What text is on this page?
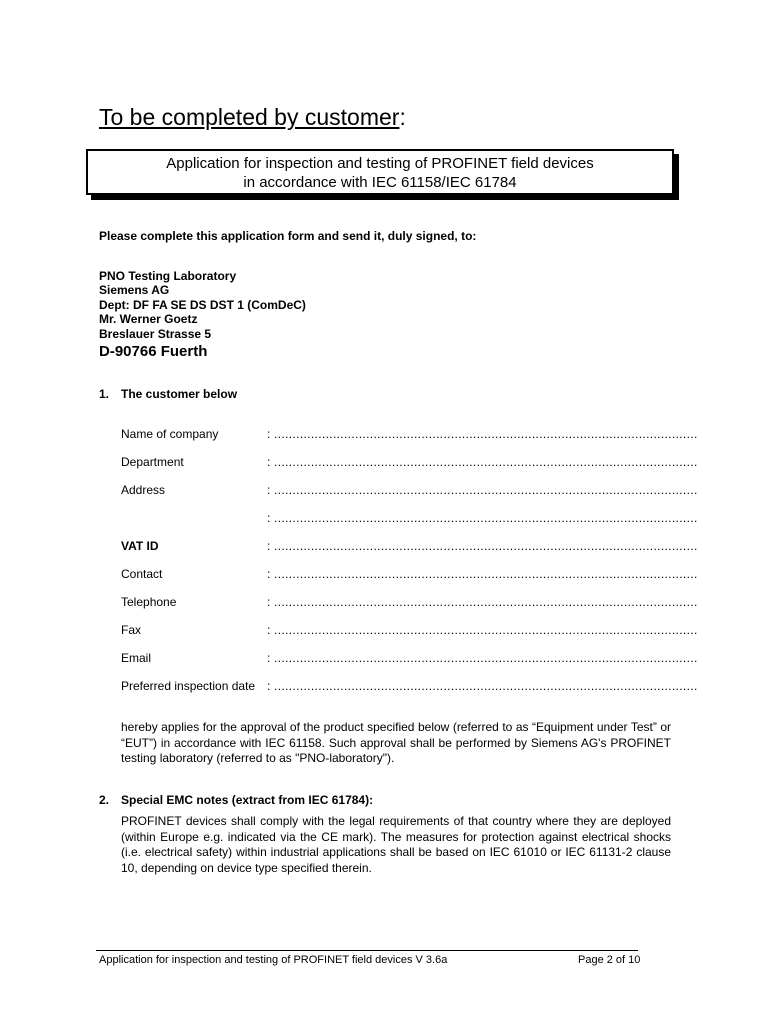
To be completed by customer:
Application for inspection and testing of PROFINET field devices
in accordance with IEC 61158/IEC 61784
Please complete this application form and send it, duly signed, to:
PNO Testing Laboratory
Siemens AG
Dept: DF FA SE DS DST 1 (ComDeC)
Mr. Werner Goetz
Breslauer Strasse 5
D-90766 Fuerth
1. The customer below
Name of company	: ...................................................................................................................
Department	: ...................................................................................................................
Address	: ...................................................................................................................
: ...................................................................................................................
VAT ID	: ...................................................................................................................
Contact	: ...................................................................................................................
Telephone	: ...................................................................................................................
Fax	: ...................................................................................................................
Email	: ...................................................................................................................
Preferred inspection date : ...................................................................................................................
hereby applies for the approval of the product specified below (referred to as “Equipment under Test” or “EUT”) in accordance with IEC 61158. Such approval shall be performed by Siemens AG's PROFINET testing laboratory (referred to as "PNO-laboratory").
2. Special EMC notes (extract from IEC 61784):
PROFINET devices shall comply with the legal requirements of that country where they are deployed (within Europe e.g. indicated via the CE mark). The measures for protection against electrical shocks (i.e. electrical safety) within industrial applications shall be based on IEC 61010 or IEC 61131-2 clause 10, depending on device type specified therein.
Application for inspection and testing of PROFINET field devices V 3.6a	Page 2 of 10
